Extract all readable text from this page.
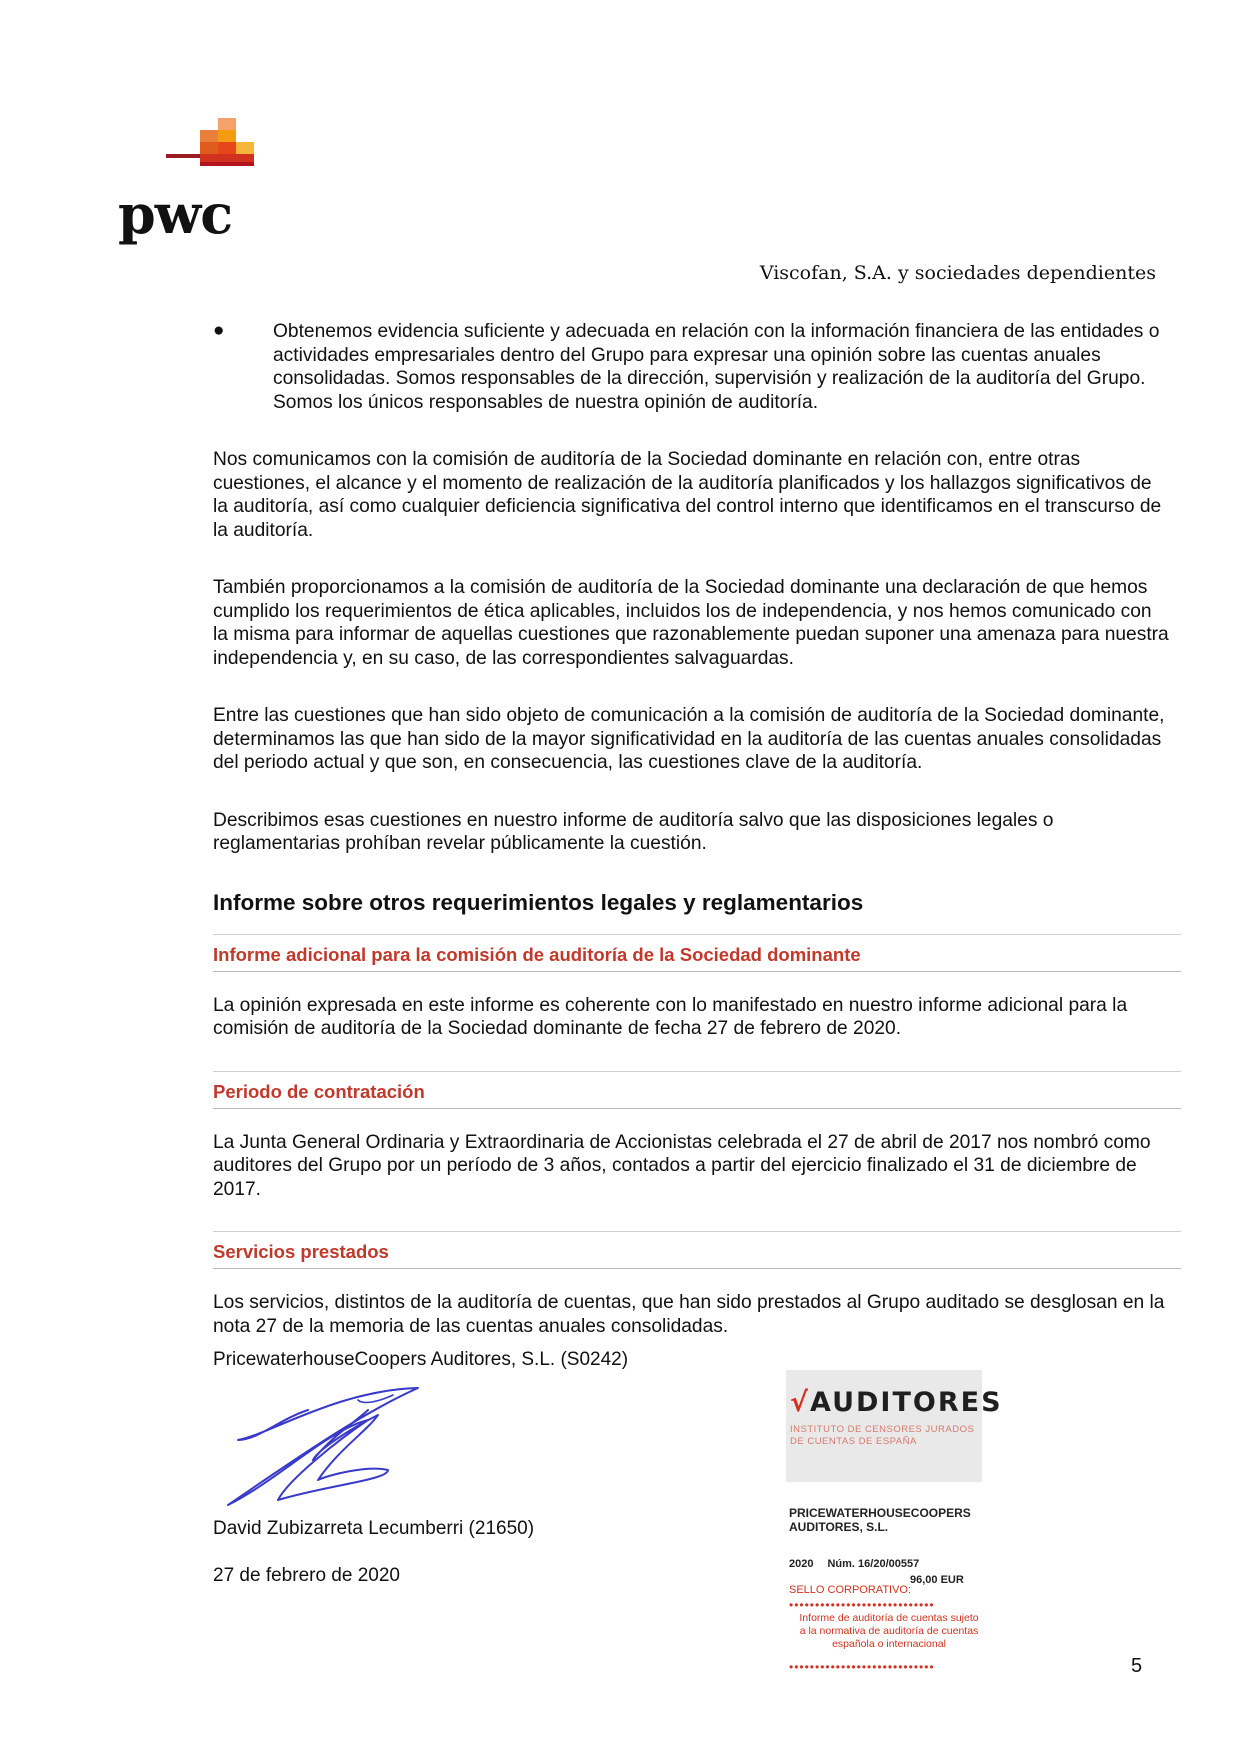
pwc
Viscofan, S.A. y sociedades dependientes
●	Obtenemos evidencia suficiente y adecuada en relación con la información financiera de las entidades o actividades empresariales dentro del Grupo para expresar una opinión sobre las cuentas anuales consolidadas. Somos responsables de la dirección, supervisión y realización de la auditoría del Grupo. Somos los únicos responsables de nuestra opinión de auditoría.

Nos comunicamos con la comisión de auditoría de la Sociedad dominante en relación con, entre otras cuestiones, el alcance y el momento de realización de la auditoría planificados y los hallazgos significativos de la auditoría, así como cualquier deficiencia significativa del control interno que identificamos en el transcurso de la auditoría.

También proporcionamos a la comisión de auditoría de la Sociedad dominante una declaración de que hemos cumplido los requerimientos de ética aplicables, incluidos los de independencia, y nos hemos comunicado con la misma para informar de aquellas cuestiones que razonablemente puedan suponer una amenaza para nuestra independencia y, en su caso, de las correspondientes salvaguardas.

Entre las cuestiones que han sido objeto de comunicación a la comisión de auditoría de la Sociedad dominante, determinamos las que han sido de la mayor significatividad en la auditoría de las cuentas anuales consolidadas del periodo actual y que son, en consecuencia, las cuestiones clave de la auditoría.

Describimos esas cuestiones en nuestro informe de auditoría salvo que las disposiciones legales o reglamentarias prohíban revelar públicamente la cuestión.

Informe sobre otros requerimientos legales y reglamentarios
Informe adicional para la comisión de auditoría de la Sociedad dominante

La opinión expresada en este informe es coherente con lo manifestado en nuestro informe adicional para la comisión de auditoría de la Sociedad dominante de fecha 27 de febrero de 2020.

Periodo de contratación

La Junta General Ordinaria y Extraordinaria de Accionistas celebrada el 27 de abril de 2017 nos nombró como auditores del Grupo por un período de 3 años, contados a partir del ejercicio finalizado el 31 de diciembre de 2017.

Servicios prestados

Los servicios, distintos de la auditoría de cuentas, que han sido prestados al Grupo auditado se desglosan en la nota 27 de la memoria de las cuentas anuales consolidadas.

PricewaterhouseCoopers Auditores, S.L. (S0242)
David Zubizarreta Lecumberri (21650)
27 de febrero de 2020
√AUDITORES
INSTITUTO DE CENSORES JURADOS
DE CUENTAS DE ESPAÑA
PRICEWATERHOUSECOOPERS
AUDITORES, S.L.
2020 Núm. 16/20/00557
96,00 EUR
SELLO CORPORATIVO:
••••••••••••••••••••••••••••
Informe de auditoría de cuentas sujeto
a la normativa de auditoría de cuentas
española o internacional
••••••••••••••••••••••••••••	5
